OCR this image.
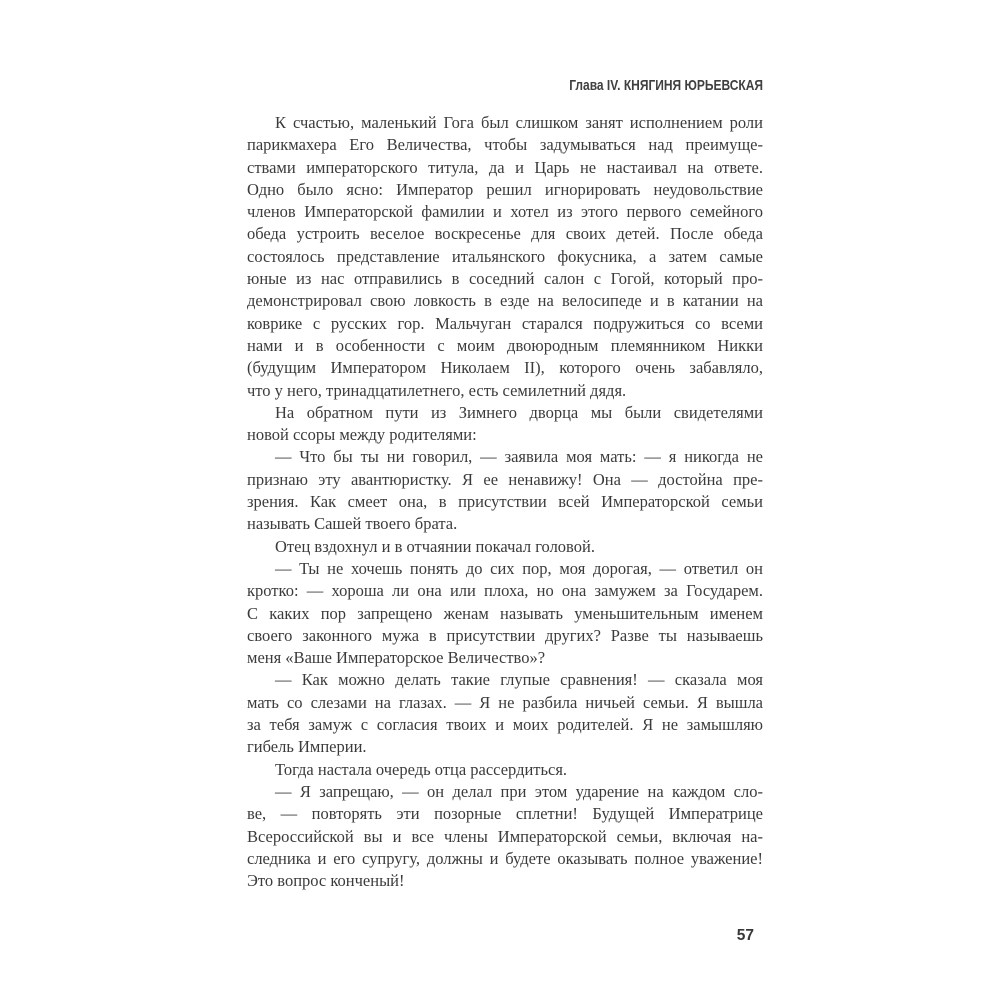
Глава IV. КНЯГИНЯ ЮРЬЕВСКАЯ
К счастью, маленький Гога был слишком занят исполнением роли
парикмахера Его Величества, чтобы задумываться над преимуще-
ствами императорского титула, да и Царь не настаивал на ответе.
Одно было ясно: Император решил игнорировать неудовольствие
членов Императорской фамилии и хотел из этого первого семейного
обеда устроить веселое воскресенье для своих детей. После обеда
состоялось представление итальянского фокусника, а затем самые
юные из нас отправились в соседний салон с Гогой, который про-
демонстрировал свою ловкость в езде на велосипеде и в катании на
коврике с русских гор. Мальчуган старался подружиться со всеми
нами и в особенности с моим двоюродным племянником Никки
(будущим Императором Николаем II), которого очень забавляло,
что у него, тринадцатилетнего, есть семилетний дядя.
На обратном пути из Зимнего дворца мы были свидетелями
новой ссоры между родителями:
— Что бы ты ни говорил, — заявила моя мать: — я никогда не
признаю эту авантюристку. Я ее ненавижу! Она — достойна пре-
зрения. Как смеет она, в присутствии всей Императорской семьи
называть Сашей твоего брата.
Отец вздохнул и в отчаянии покачал головой.
— Ты не хочешь понять до сих пор, моя дорогая, — ответил он
кротко: — хороша ли она или плоха, но она замужем за Государем.
С каких пор запрещено женам называть уменьшительным именем
своего законного мужа в присутствии других? Разве ты называешь
меня «Ваше Императорское Величество»?
— Как можно делать такие глупые сравнения! — сказала моя
мать со слезами на глазах. — Я не разбила ничьей семьи. Я вышла
за тебя замуж с согласия твоих и моих родителей. Я не замышляю
гибель Империи.
Тогда настала очередь отца рассердиться.
— Я запрещаю, — он делал при этом ударение на каждом сло-
ве, — повторять эти позорные сплетни! Будущей Императрице
Всероссийской вы и все члены Императорской семьи, включая на-
следника и его супругу, должны и будете оказывать полное уважение!
Это вопрос конченый!
57
